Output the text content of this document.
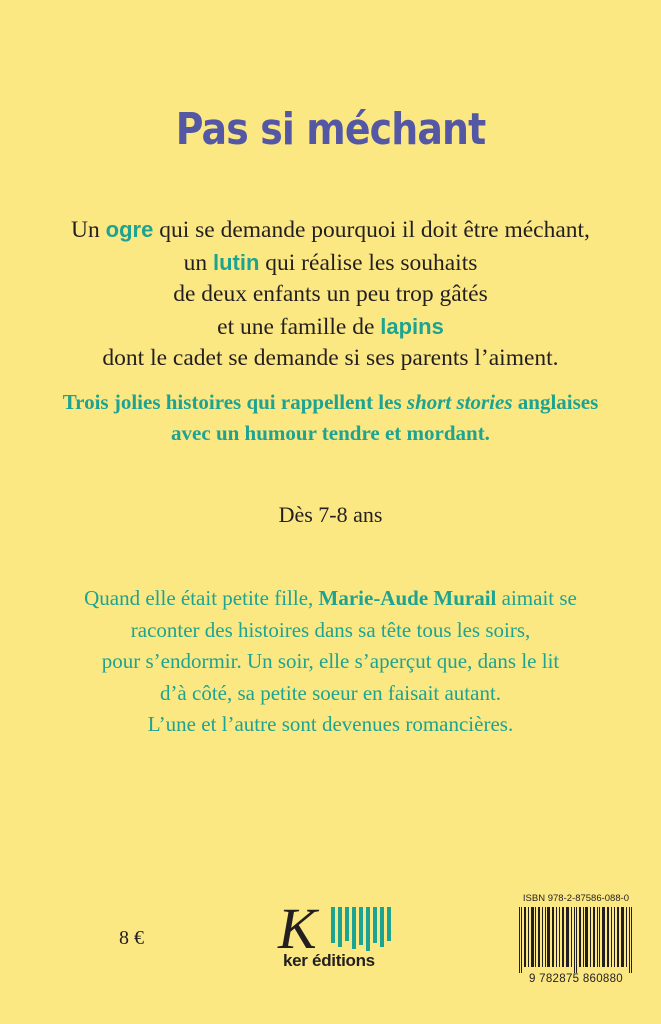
Pas si méchant
Un ogre qui se demande pourquoi il doit être méchant,
un lutin qui réalise les souhaits
de deux enfants un peu trop gâtés
et une famille de lapins
dont le cadet se demande si ses parents l’aiment.
Trois jolies histoires qui rappellent les short stories anglaises
avec un humour tendre et mordant.
Dès 7-8 ans
Quand elle était petite fille, Marie-Aude Murail aimait se
raconter des histoires dans sa tête tous les soirs,
pour s’endormir. Un soir, elle s’aperçut que, dans le lit
d’à côté, sa petite soeur en faisait autant.
L’une et l’autre sont devenues romancières.
8 € K
ker éditions
ISBN 978-2-87586-088-0
9 782875 860880
